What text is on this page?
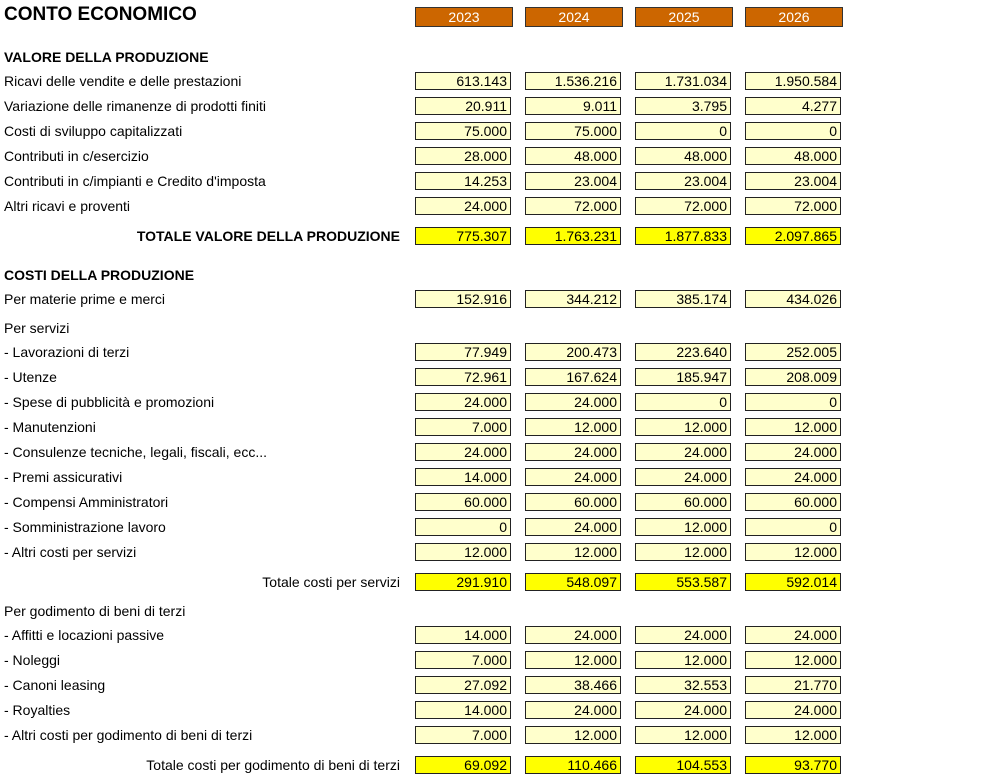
CONTO ECONOMICO	2023	2024	2025	2026
VALORE DELLA PRODUZIONE
Ricavi delle vendite e delle prestazioni	613.143	1.536.216	1.731.034	1.950.584
Variazione delle rimanenze di prodotti finiti	20.911	9.011	3.795	4.277
Costi di sviluppo capitalizzati	75.000	75.000	0	0
Contributi in c/esercizio	28.000	48.000	48.000	48.000
Contributi in c/impianti e Credito d'imposta	14.253	23.004	23.004	23.004
Altri ricavi e proventi	24.000	72.000	72.000	72.000
TOTALE VALORE DELLA PRODUZIONE	775.307	1.763.231	1.877.833	2.097.865
COSTI DELLA PRODUZIONE
Per materie prime e merci	152.916	344.212	385.174	434.026
Per servizi
- Lavorazioni di terzi	77.949	200.473	223.640	252.005
- Utenze	72.961	167.624	185.947	208.009
- Spese di pubblicità e promozioni	24.000	24.000	0	0
- Manutenzioni	7.000	12.000	12.000	12.000
- Consulenze tecniche, legali, fiscali, ecc...	24.000	24.000	24.000	24.000
- Premi assicurativi	14.000	24.000	24.000	24.000
- Compensi Amministratori	60.000	60.000	60.000	60.000
- Somministrazione lavoro	0	24.000	12.000	0
- Altri costi per servizi	12.000	12.000	12.000	12.000
Totale costi per servizi	291.910	548.097	553.587	592.014
Per godimento di beni di terzi
- Affitti e locazioni passive	14.000	24.000	24.000	24.000
- Noleggi	7.000	12.000	12.000	12.000
- Canoni leasing	27.092	38.466	32.553	21.770
- Royalties	14.000	24.000	24.000	24.000
- Altri costi per godimento di beni di terzi	7.000	12.000	12.000	12.000
Totale costi per godimento di beni di terzi	69.092	110.466	104.553	93.770
